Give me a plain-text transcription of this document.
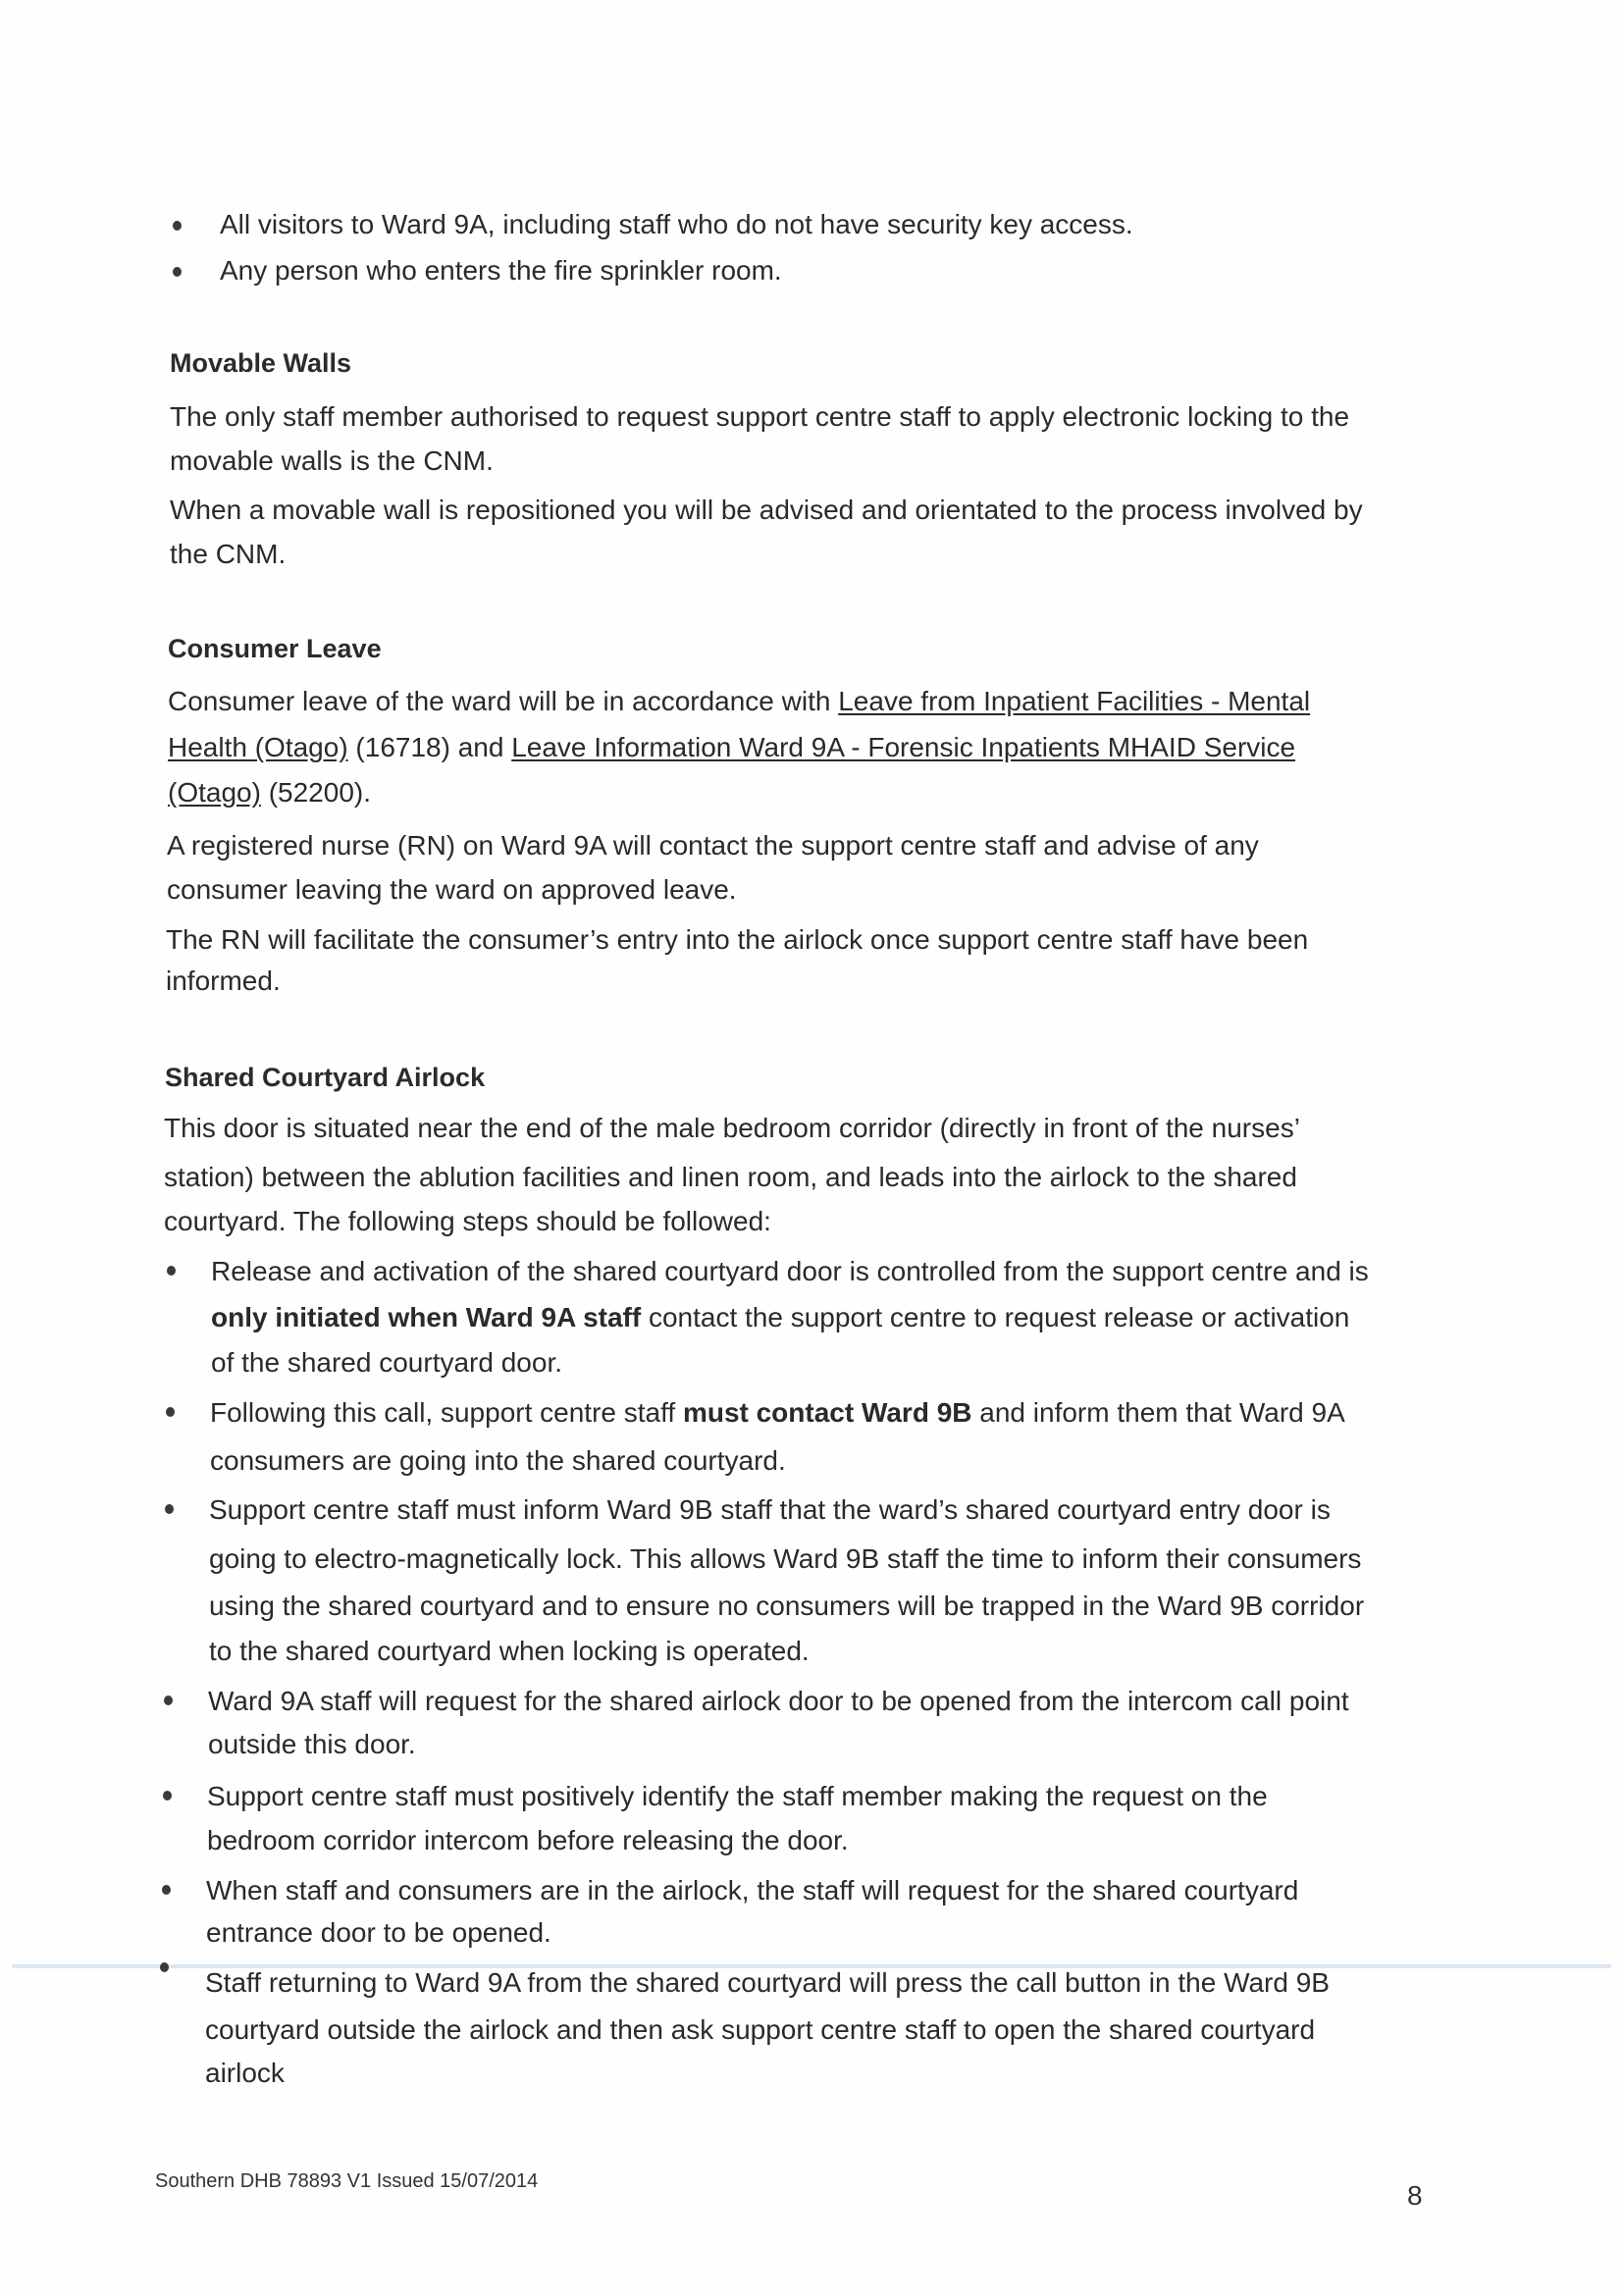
All visitors to Ward 9A, including staff who do not have security key access.
Any person who enters the fire sprinkler room.
Movable Walls
The only staff member authorised to request support centre staff to apply electronic locking to the
movable walls is the CNM.
When a movable wall is repositioned you will be advised and orientated to the process involved by
the CNM.
Consumer Leave
Consumer leave of the ward will be in accordance with Leave from Inpatient Facilities - Mental
Health (Otago) (16718) and Leave Information Ward 9A - Forensic Inpatients MHAID Service
(Otago) (52200).
A registered nurse (RN) on Ward 9A will contact the support centre staff and advise of any
consumer leaving the ward on approved leave.
The RN will facilitate the consumer’s entry into the airlock once support centre staff have been
informed.
Shared Courtyard Airlock
This door is situated near the end of the male bedroom corridor (directly in front of the nurses’
station) between the ablution facilities and linen room, and leads into the airlock to the shared
courtyard. The following steps should be followed:
Release and activation of the shared courtyard door is controlled from the support centre and is
only initiated when Ward 9A staff contact the support centre to request release or activation
of the shared courtyard door.
Following this call, support centre staff must contact Ward 9B and inform them that Ward 9A
consumers are going into the shared courtyard.
Support centre staff must inform Ward 9B staff that the ward’s shared courtyard entry door is
going to electro-magnetically lock. This allows Ward 9B staff the time to inform their consumers
using the shared courtyard and to ensure no consumers will be trapped in the Ward 9B corridor
to the shared courtyard when locking is operated.
Ward 9A staff will request for the shared airlock door to be opened from the intercom call point
outside this door.
Support centre staff must positively identify the staff member making the request on the
bedroom corridor intercom before releasing the door.
When staff and consumers are in the airlock, the staff will request for the shared courtyard
entrance door to be opened.
Staff returning to Ward 9A from the shared courtyard will press the call button in the Ward 9B
courtyard outside the airlock and then ask support centre staff to open the shared courtyard
airlock
Southern DHB 78893 V1 Issued 15/07/2014	8
